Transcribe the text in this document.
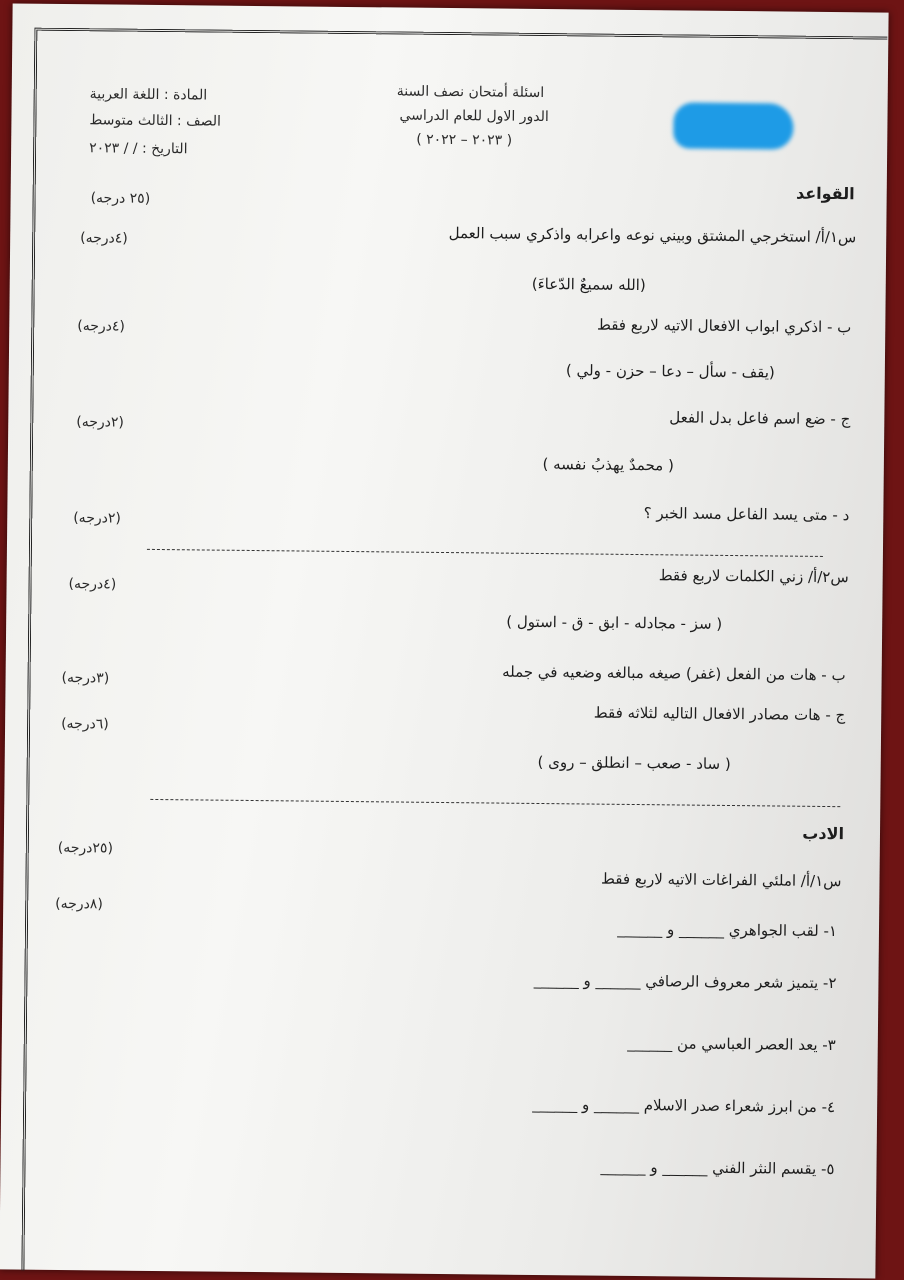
المادة : اللغة العربية
الصف : الثالث متوسط
التاريخ : / / ٢٠٢٣
اسئلة أمتحان نصف السنة
الدور الاول للعام الدراسي
( ٢٠٢٣ – ٢٠٢٢ )
القواعد
(٢٥ درجه)
س١/أ/ استخرجي المشتق وبيني نوعه واعرابه واذكري سبب العمل
(٤درجه)
(الله سميعٌ الدّعاءَ)
ب - اذكري ابواب الافعال الاتيه لاربع فقط
(٤درجه)
(يقف - سأل – دعا – حزن - ولي )
ج - ضع اسم فاعل بدل الفعل
(٢درجه)
( محمدٌ يهذبُ نفسه )
د - متى يسد الفاعل مسد الخبر ؟
(٢درجه)
س٢/أ/ زني الكلمات لاربع فقط
(٤درجه)
( سز - مجادله - ابق - ق - استول )
ب - هات من الفعل (غفر) صيغه مبالغه وضعيه في جمله
(٣درجه)
ج - هات مصادر الافعال التاليه لثلاثه فقط
(٦درجه)
( ساد - صعب – انطلق – روى )
الادب
(٢٥درجه)
س١/أ/ املئي الفراغات الاتيه لاربع فقط
(٨درجه)
١- لقب الجواهري ______ و ______
٢- يتميز شعر معروف الرصافي ______ و ______
٣- يعد العصر العباسي من ______
٤- من ابرز شعراء صدر الاسلام ______ و ______
٥- يقسم النثر الفني ______ و ______
